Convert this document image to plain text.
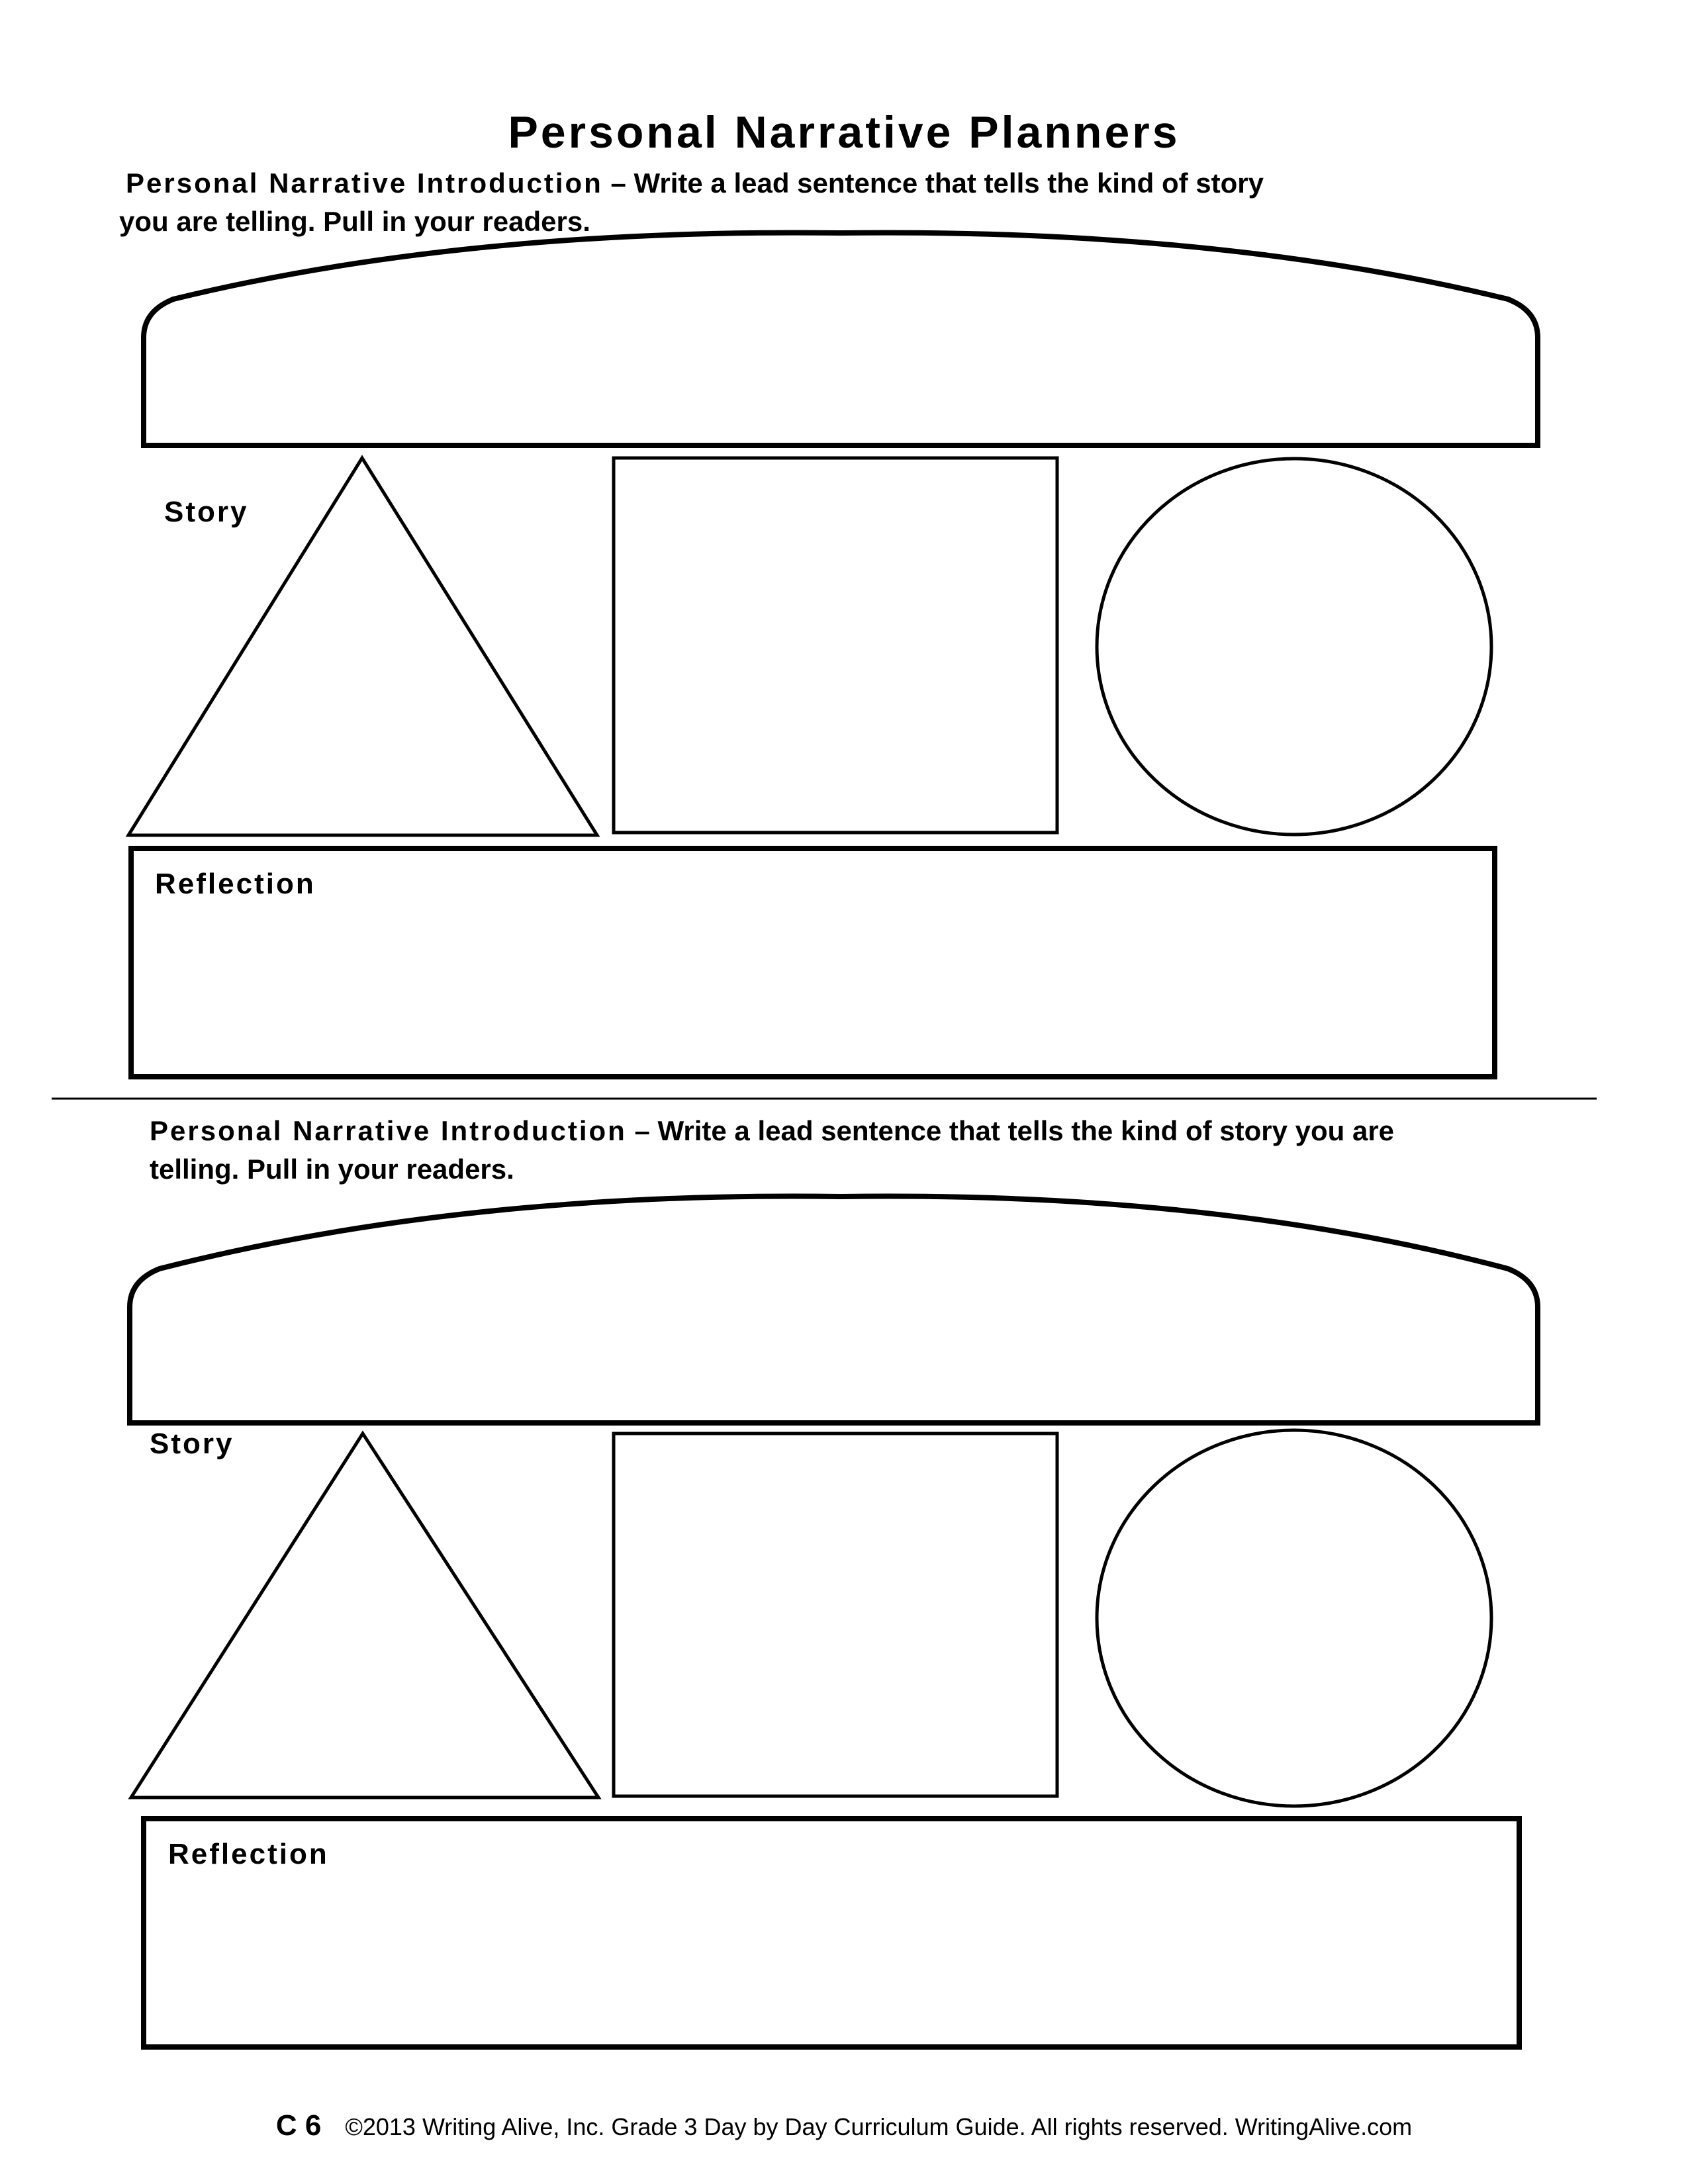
Personal Narrative Planners
Personal Narrative Introduction – Write a lead sentence that tells the kind of story
you are telling. Pull in your readers.
Story
Reflection
Personal Narrative Introduction – Write a lead sentence that tells the kind of story you are
telling. Pull in your readers.
Story
Reflection
C 6 ©2013 Writing Alive, Inc. Grade 3 Day by Day Curriculum Guide. All rights reserved. WritingAlive.com
